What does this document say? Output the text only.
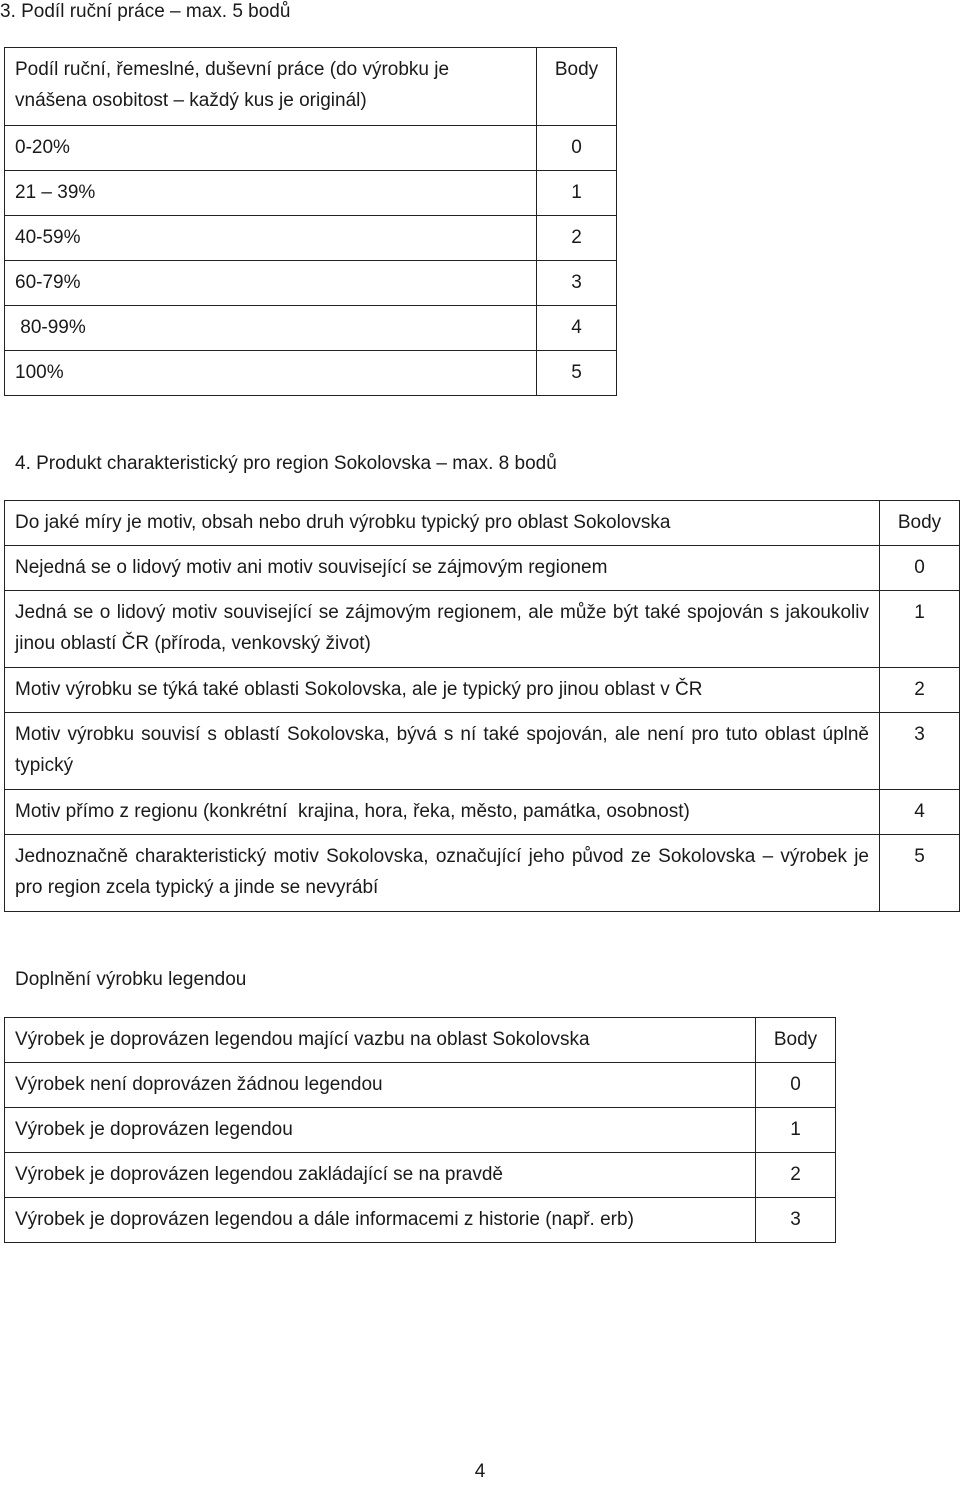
3. Podíl ruční práce – max. 5 bodů
Podíl ruční, řemeslné, duševní práce (do výrobku je vnášena osobitost – každý kus je originál)	Body
0-20%	0
21 – 39%	1
40-59%	2
60-79%	3
80-99%	4
100%	5
4. Produkt charakteristický pro region Sokolovska – max. 8 bodů
Do jaké míry je motiv, obsah nebo druh výrobku typický pro oblast Sokolovska	Body
Nejedná se o lidový motiv ani motiv související se zájmovým regionem	0
Jedná se o lidový motiv související se zájmovým regionem, ale může být také spojován s jakoukoliv jinou oblastí ČR (příroda, venkovský život)	1
Motiv výrobku se týká také oblasti Sokolovska, ale je typický pro jinou oblast v ČR	2
Motiv výrobku souvisí s oblastí Sokolovska, bývá s ní také spojován, ale není pro tuto oblast úplně typický	3
Motiv přímo z regionu (konkrétní  krajina, hora, řeka, město, památka, osobnost)	4
Jednoznačně charakteristický motiv Sokolovska, označující jeho původ ze Sokolovska – výrobek je pro region zcela typický a jinde se nevyrábí	5
Doplnění výrobku legendou
Výrobek je doprovázen legendou mající vazbu na oblast Sokolovska	Body
Výrobek není doprovázen žádnou legendou	0
Výrobek je doprovázen legendou	1
Výrobek je doprovázen legendou zakládající se na pravdě	2
Výrobek je doprovázen legendou a dále informacemi z historie (např. erb)	3
4
